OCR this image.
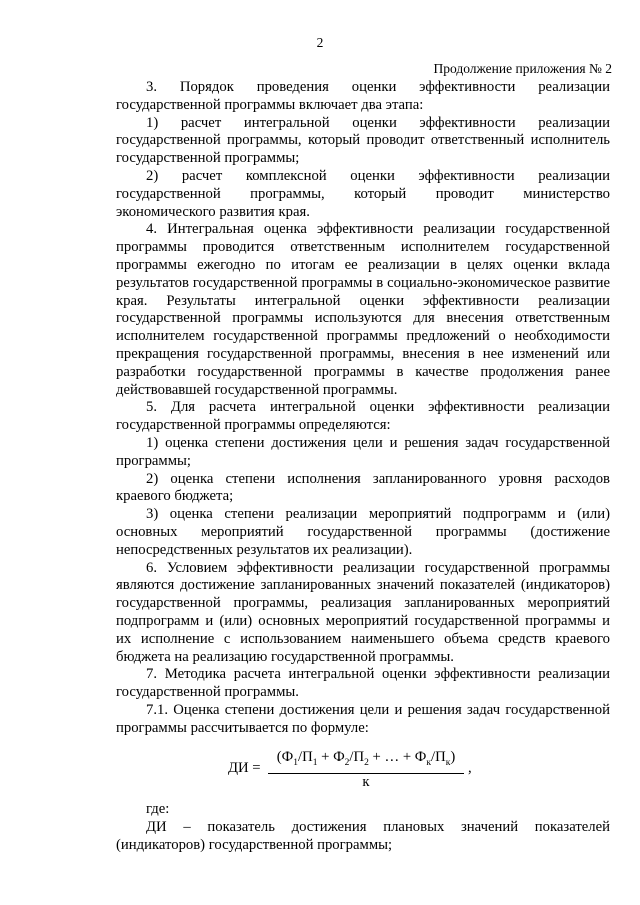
2
Продолжение приложения № 2

3. Порядок проведения оценки эффективности реализации государственной программы включает два этапа:

1) расчет интегральной оценки эффективности реализации государственной программы, который проводит ответственный исполнитель государственной программы;

2) расчет комплексной оценки эффективности реализации государственной программы, который проводит министерство экономического развития края.

4. Интегральная оценка эффективности реализации государственной программы проводится ответственным исполнителем государственной программы ежегодно по итогам ее реализации в целях оценки вклада результатов государственной программы в социально-экономическое развитие края. Результаты интегральной оценки эффективности реализации государственной программы используются для внесения ответственным исполнителем государственной программы предложений о необходимости прекращения государственной программы, внесения в нее изменений или разработки государственной программы в качестве продолжения ранее действовавшей государственной программы.

5. Для расчета интегральной оценки эффективности реализации государственной программы определяются:

1) оценка степени достижения цели и решения задач государственной программы;

2) оценка степени исполнения запланированного уровня расходов краевого бюджета;

3) оценка степени реализации мероприятий подпрограмм и (или) основных мероприятий государственной программы (достижение непосредственных результатов их реализации).

6. Условием эффективности реализации государственной программы являются достижение запланированных значений показателей (индикаторов) государственной программы, реализация запланированных мероприятий подпрограмм и (или) основных мероприятий государственной программы и их исполнение с использованием наименьшего объема средств краевого бюджета на реализацию государственной программы.

7. Методика расчета интегральной оценки эффективности реализации государственной программы.

7.1. Оценка степени достижения цели и решения задач государственной программы рассчитывается по формуле:

ДИ =
($Ф_1/П_1 + Ф_2/П_2$ + … + $Ф_к/П_к$)
к
,

где:

ДИ – показатель достижения плановых значений показателей (индикаторов) государственной программы;
